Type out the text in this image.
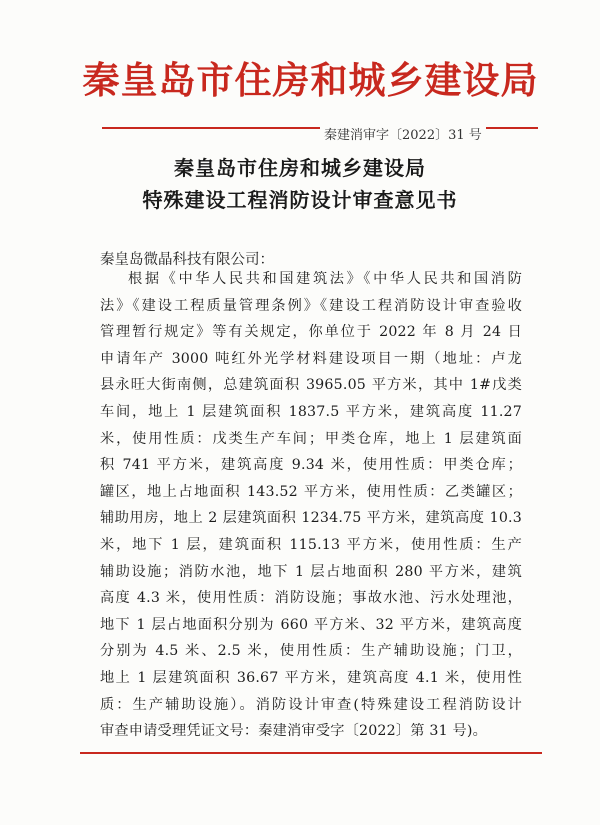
秦皇岛市住房和城乡建设局
秦建消审字〔2022〕31 号
秦皇岛市住房和城乡建设局
特殊建设工程消防设计审查意见书
秦皇岛微晶科技有限公司：
根据《中华人民共和国建筑法》《中华人民共和国消防
法》《建设工程质量管理条例》《建设工程消防设计审查验收
管理暂行规定》等有关规定，你单位于 2022 年 8 月 24 日
申请年产 3000 吨红外光学材料建设项目一期（地址：卢龙
县永旺大街南侧，总建筑面积 3965.05 平方米，其中 1#戊类
车间，地上 1 层建筑面积 1837.5 平方米，建筑高度 11.27
米，使用性质：戊类生产车间；甲类仓库，地上 1 层建筑面
积 741 平方米，建筑高度 9.34 米，使用性质：甲类仓库；
罐区，地上占地面积 143.52 平方米，使用性质：乙类罐区；
辅助用房，地上 2 层建筑面积 1234.75 平方米，建筑高度 10.3
米，地下 1 层，建筑面积 115.13 平方米，使用性质：生产
辅助设施；消防水池，地下 1 层占地面积 280 平方米，建筑
高度 4.3 米，使用性质：消防设施；事故水池、污水处理池，
地下 1 层占地面积分别为 660 平方米、32 平方米，建筑高度
分别为 4.5 米、2.5 米，使用性质：生产辅助设施；门卫，
地上 1 层建筑面积 36.67 平方米，建筑高度 4.1 米，使用性
质：生产辅助设施）。消防设计审查(特殊建设工程消防设计
审查申请受理凭证文号：秦建消审受字〔2022〕第 31 号)。
